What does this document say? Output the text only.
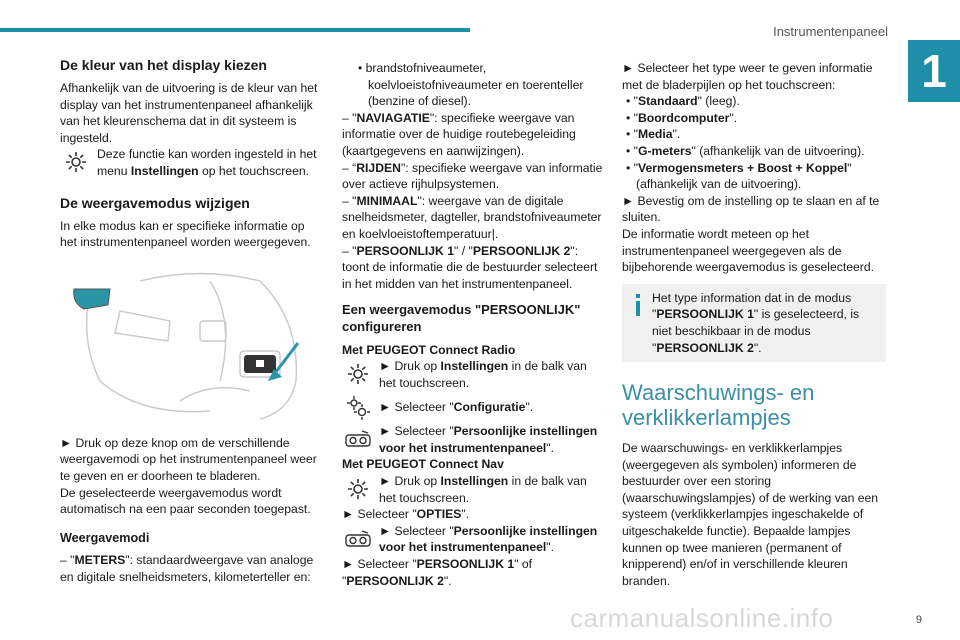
Instrumentenpaneel
1
De kleur van het display kiezen

Afhankelijk van de uitvoering is de kleur van het display van het instrumentenpaneel afhankelijk van het kleurenschema dat in dit systeem is ingesteld.

Deze functie kan worden ingesteld in het menu Instellingen op het touchscreen.

De weergavemodus wijzigen

In elke modus kan er specifieke informatie op het instrumentenpaneel worden weergegeven.

► Druk op deze knop om de verschillende weergavemodi op het instrumentenpaneel weer te geven en er doorheen te bladeren.

De geselecteerde weergavemodus wordt automatisch na een paar seconden toegepast.

Weergavemodi

– "METERS": standaardweergave van analoge en digitale snelheidsmeters, kilometerteller en:

• brandstofniveaumeter, koelvloeistofniveaumeter en toerenteller (benzine of diesel).

– "NAVIAGATIE": specifieke weergave van informatie over de huidige routebegeleiding (kaartgegevens en aanwijzingen).

– “RIJDEN": specifieke weergave van informatie over actieve rijhulpsystemen.

– "MINIMAAL": weergave van de digitale snelheidsmeter, dagteller, brandstofniveaumeter en koelvloeistoftemperatuur|.

– "PERSOONLIJK 1" / "PERSOONLIJK 2": toont de informatie die de bestuurder selecteert in het midden van het instrumentenpaneel.

Een weergavemodus "PERSOONLIJK" configureren

Met PEUGEOT Connect Radio

► Druk op Instellingen in de balk van het touchscreen.

► Selecteer "Configuratie".

► Selecteer "Persoonlijke instellingen voor het instrumentenpaneel".

Met PEUGEOT Connect Nav

► Druk op Instellingen in de balk van het touchscreen.

► Selecteer "OPTIES".

► Selecteer "Persoonlijke instellingen voor het instrumentenpaneel".

► Selecteer "PERSOONLIJK 1" of "PERSOONLIJK 2".

► Selecteer het type weer te geven informatie met de bladerpijlen op het touchscreen:

• "Standaard" (leeg).

• "Boordcomputer".

• "Media".

• "G-meters" (afhankelijk van de uitvoering).

• "Vermogensmeters + Boost + Koppel" (afhankelijk van de uitvoering).

► Bevestig om de instelling op te slaan en af te sluiten.

De informatie wordt meteen op het instrumentenpaneel weergegeven als de bijbehorende weergavemodus is geselecteerd.

Het type information dat in de modus "PERSOONLIJK 1" is geselecteerd, is niet beschikbaar in de modus "PERSOONLIJK 2".

Waarschuwings- en verklikkerlampjes

De waarschuwings- en verklikkerlampjes (weergegeven als symbolen) informeren de bestuurder over een storing (waarschuwingslampjes) of de werking van een systeem (verklikkerlampjes ingeschakelde of uitgeschakelde functie). Bepaalde lampjes kunnen op twee manieren (permanent of knipperend) en/of in verschillende kleuren branden.

carmanualsonline.info	9
